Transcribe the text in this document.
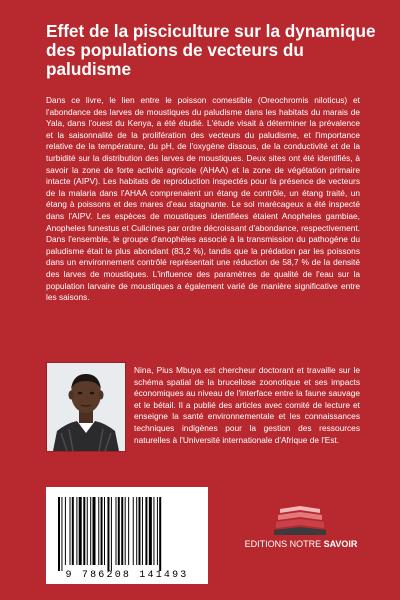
Effet de la pisciculture sur la dynamique des populations de vecteurs du paludisme

Dans ce livre, le lien entre le poisson comestible (Oreochromis niloticus) et l'abondance des larves de moustiques du paludisme dans les habitats du marais de Yala, dans l'ouest du Kenya, a été étudié. L'étude visait à déterminer la prévalence et la saisonnalité de la prolifération des vecteurs du paludisme, et l'importance relative de la température, du pH, de l'oxygène dissous, de la conductivité et de la turbidité sur la distribution des larves de moustiques. Deux sites ont été identifiés, à savoir la zone de forte activité agricole (AHAA) et la zone de végétation primaire intacte (AIPV). Les habitats de reproduction inspectés pour la présence de vecteurs de la malaria dans l'AHAA comprenaient un étang de contrôle, un étang traité, un étang à poissons et des mares d'eau stagnante. Le sol marécageux a été inspecté dans l'AIPV. Les espèces de moustiques identifiées étaient Anopheles gambiae, Anopheles funestus et Culicines par ordre décroissant d'abondance, respectivement. Dans l'ensemble, le groupe d'anophèles associé à la transmission du pathogène du paludisme était le plus abondant (83,2 %), tandis que la prédation par les poissons dans un environnement contrôlé représentait une réduction de 58,7 % de la densité des larves de moustiques. L'influence des paramètres de qualité de l'eau sur la population larvaire de moustiques a également varié de manière significative entre les saisons.

Nina, Pius Mbuya est chercheur doctorant et travaille sur le schéma spatial de la brucellose zoonotique et ses impacts économiques au niveau de l'interface entre la faune sauvage et le bétail. Il a publié des articles avec comité de lecture et enseigne la santé environnementale et les connaissances techniques indigènes pour la gestion des ressources naturelles à l'Université internationale d'Afrique de l'Est.

9 786208 141493
EDITIONS NOTRE SAVOIR
